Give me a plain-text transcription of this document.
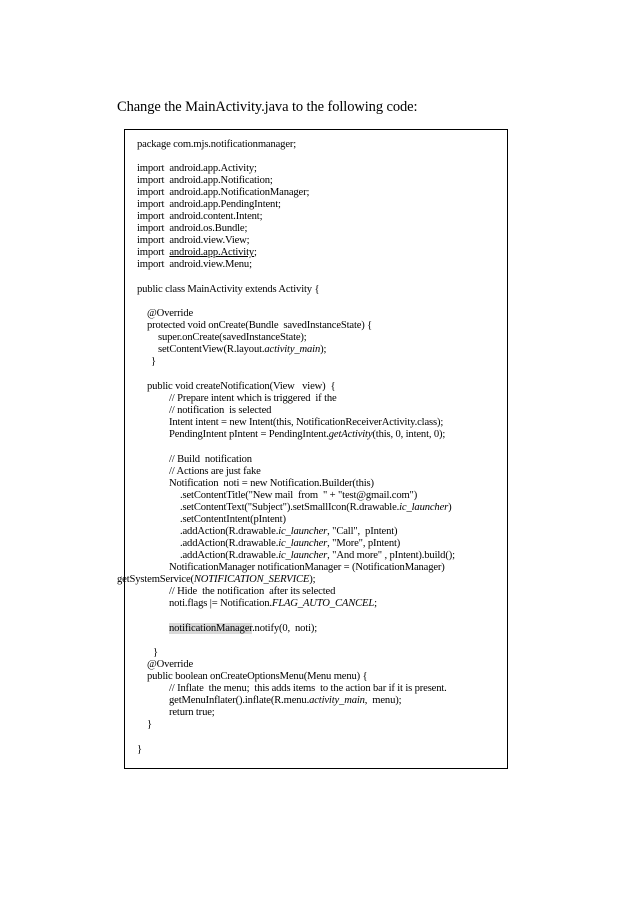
Change the MainActivity.java to the following code:
package com.mjs.notificationmanager;
import  android.app.Activity;
import  android.app.Notification;
import  android.app.NotificationManager;
import  android.app.PendingIntent;
import  android.content.Intent;
import  android.os.Bundle;
import  android.view.View;
import  android.app.Activity;
import  android.view.Menu;
public class MainActivity extends Activity {
@Override
protected void onCreate(Bundle  savedInstanceState) {
super.onCreate(savedInstanceState);
setContentView(R.layout.activity_main);
}
public void createNotification(View   view)  {
// Prepare intent which is triggered  if the
// notification  is selected
Intent intent = new Intent(this, NotificationReceiverActivity.class);
PendingIntent pIntent = PendingIntent.getActivity(this, 0, intent, 0);
// Build  notification
// Actions are just fake
Notification  noti = new Notification.Builder(this)
.setContentTitle("New mail  from  " + "test@gmail.com")
.setContentText("Subject").setSmallIcon(R.drawable.ic_launcher)
.setContentIntent(pIntent)
.addAction(R.drawable.ic_launcher, "Call",  pIntent)
.addAction(R.drawable.ic_launcher, "More", pIntent)
.addAction(R.drawable.ic_launcher, "And more" , pIntent).build();
NotificationManager notificationManager = (NotificationManager)
getSystemService(NOTIFICATION_SERVICE);
// Hide  the notification  after its selected
noti.flags |= Notification.FLAG_AUTO_CANCEL;
notificationManager.notify(0,  noti);
}
@Override
public boolean onCreateOptionsMenu(Menu menu) {
// Inflate  the menu;  this adds items  to the action bar if it is present.
getMenuInflater().inflate(R.menu.activity_main,  menu);
return true;
}
}
